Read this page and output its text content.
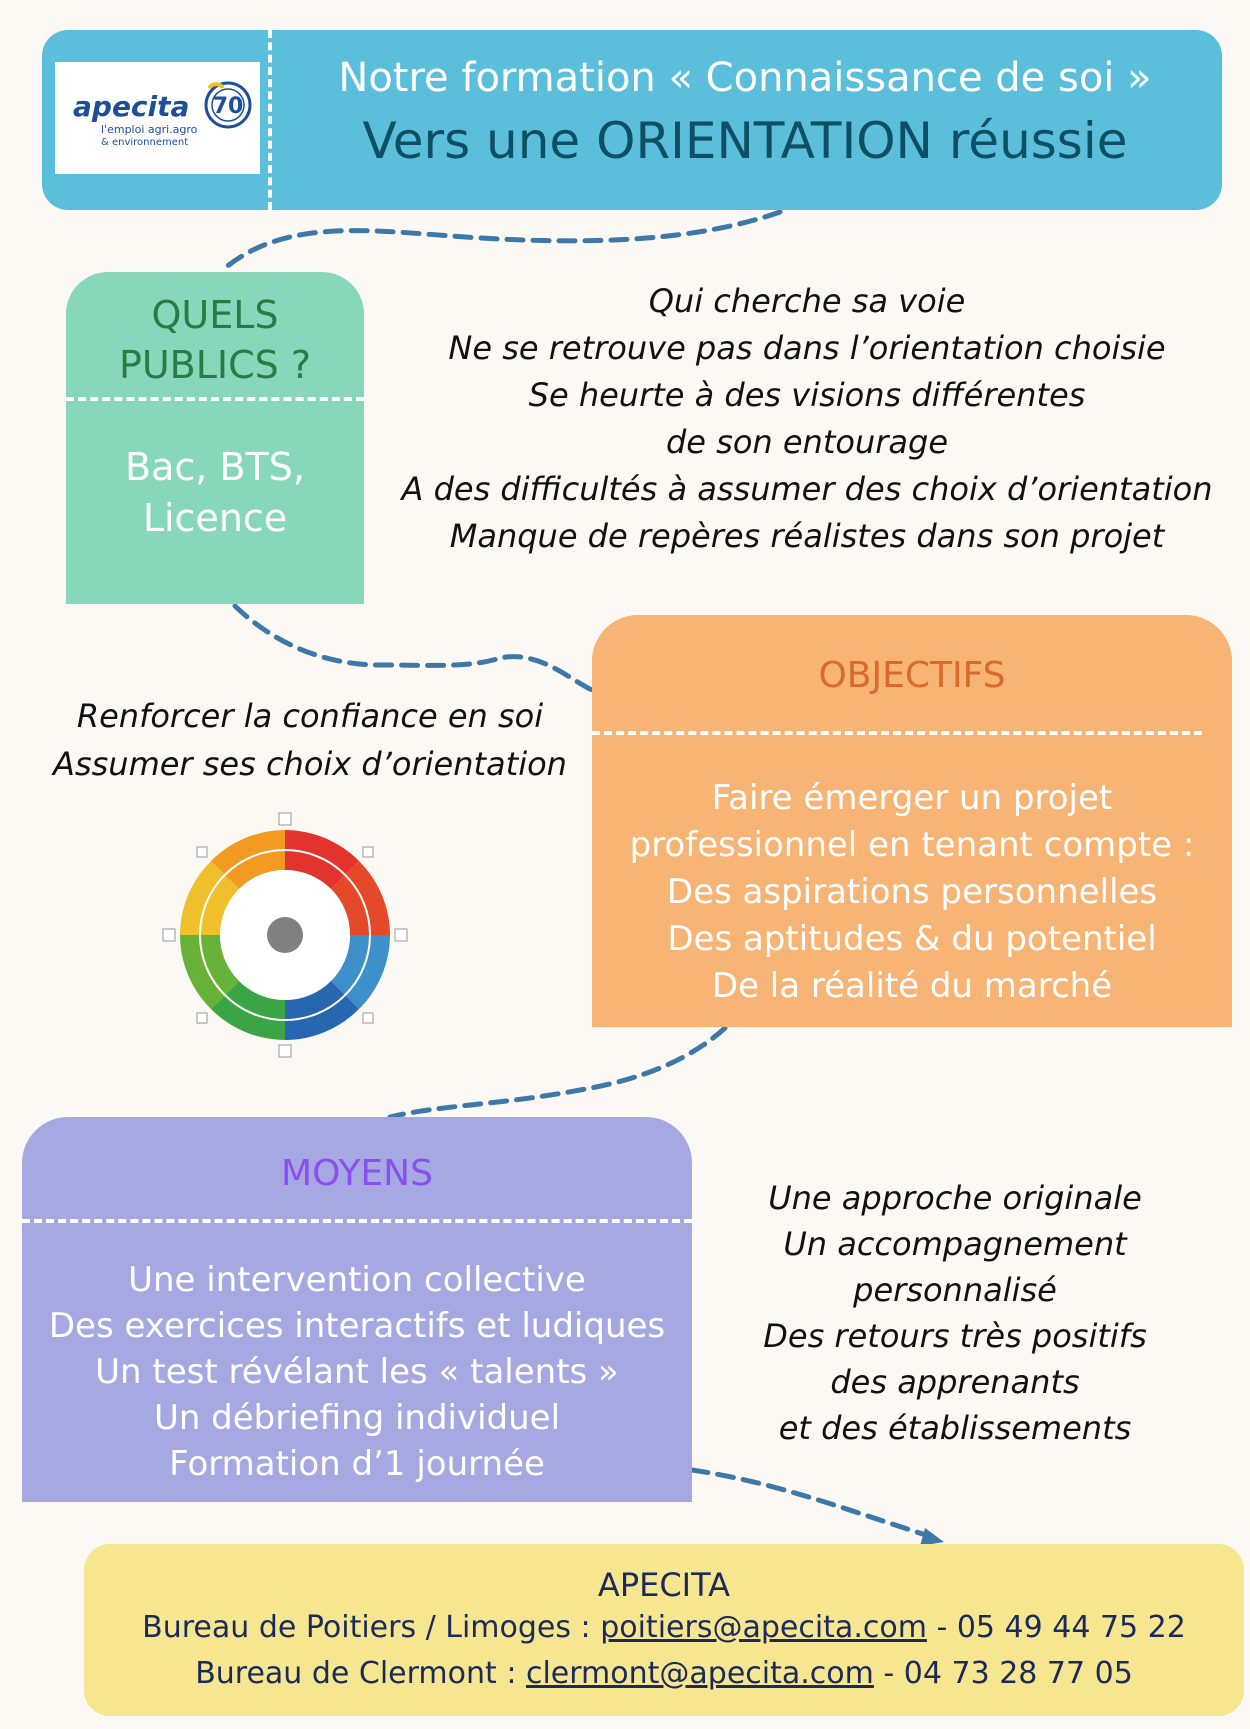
apecita
l'emploi agri.agro
& environnement
70
Notre formation « Connaissance de soi »
Vers une ORIENTATION réussie
QUELS
PUBLICS ?
Bac, BTS,
Licence
Qui cherche sa voie
Ne se retrouve pas dans l’orientation choisie
Se heurte à des visions différentes
de son entourage
A des difficultés à assumer des choix d’orientation
Manque de repères réalistes dans son projet
Renforcer la confiance en soi
Assumer ses choix d’orientation
OBJECTIFS
Faire émerger un projet
professionnel en tenant compte :
Des aspirations personnelles
Des aptitudes & du potentiel
De la réalité du marché
MOYENS
Une intervention collective
Des exercices interactifs et ludiques
Un test révélant les « talents »
Un débriefing individuel
Formation d’1 journée
Une approche originale
Un accompagnement
personnalisé
Des retours très positifs
des apprenants
et des établissements
APECITA
Bureau de Poitiers / Limoges : poitiers@apecita.com - 05 49 44 75 22
Bureau de Clermont : clermont@apecita.com - 04 73 28 77 05
